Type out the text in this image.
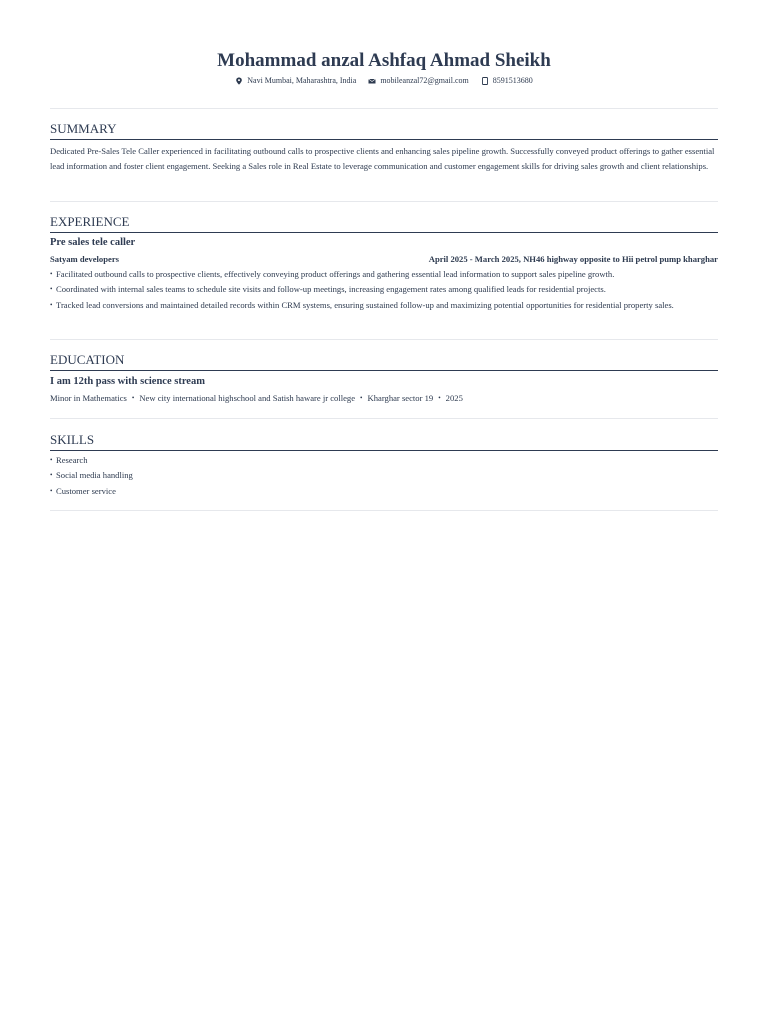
Mohammad anzal Ashfaq Ahmad Sheikh
Navi Mumbai, Maharashtra, India	mobileanzal72@gmail.com	8591513680
SUMMARY
Dedicated Pre-Sales Tele Caller experienced in facilitating outbound calls to prospective clients and enhancing sales pipeline growth. Successfully conveyed product offerings to gather essential lead information and foster client engagement. Seeking a Sales role in Real Estate to leverage communication and customer engagement skills for driving sales growth and client relationships.
EXPERIENCE
Pre sales tele caller
Satyam developers	April 2025 - March 2025, NH46 highway opposite to Hii petrol pump kharghar
• Facilitated outbound calls to prospective clients, effectively conveying product offerings and gathering essential lead information to support sales pipeline growth.
• Coordinated with internal sales teams to schedule site visits and follow-up meetings, increasing engagement rates among qualified leads for residential projects.
• Tracked lead conversions and maintained detailed records within CRM systems, ensuring sustained follow-up and maximizing potential opportunities for residential property sales.
EDUCATION
I am 12th pass with science stream
Minor in Mathematics • New city international highschool and Satish haware jr college • Kharghar sector 19 • 2025
SKILLS
• Research
• Social media handling
• Customer service
